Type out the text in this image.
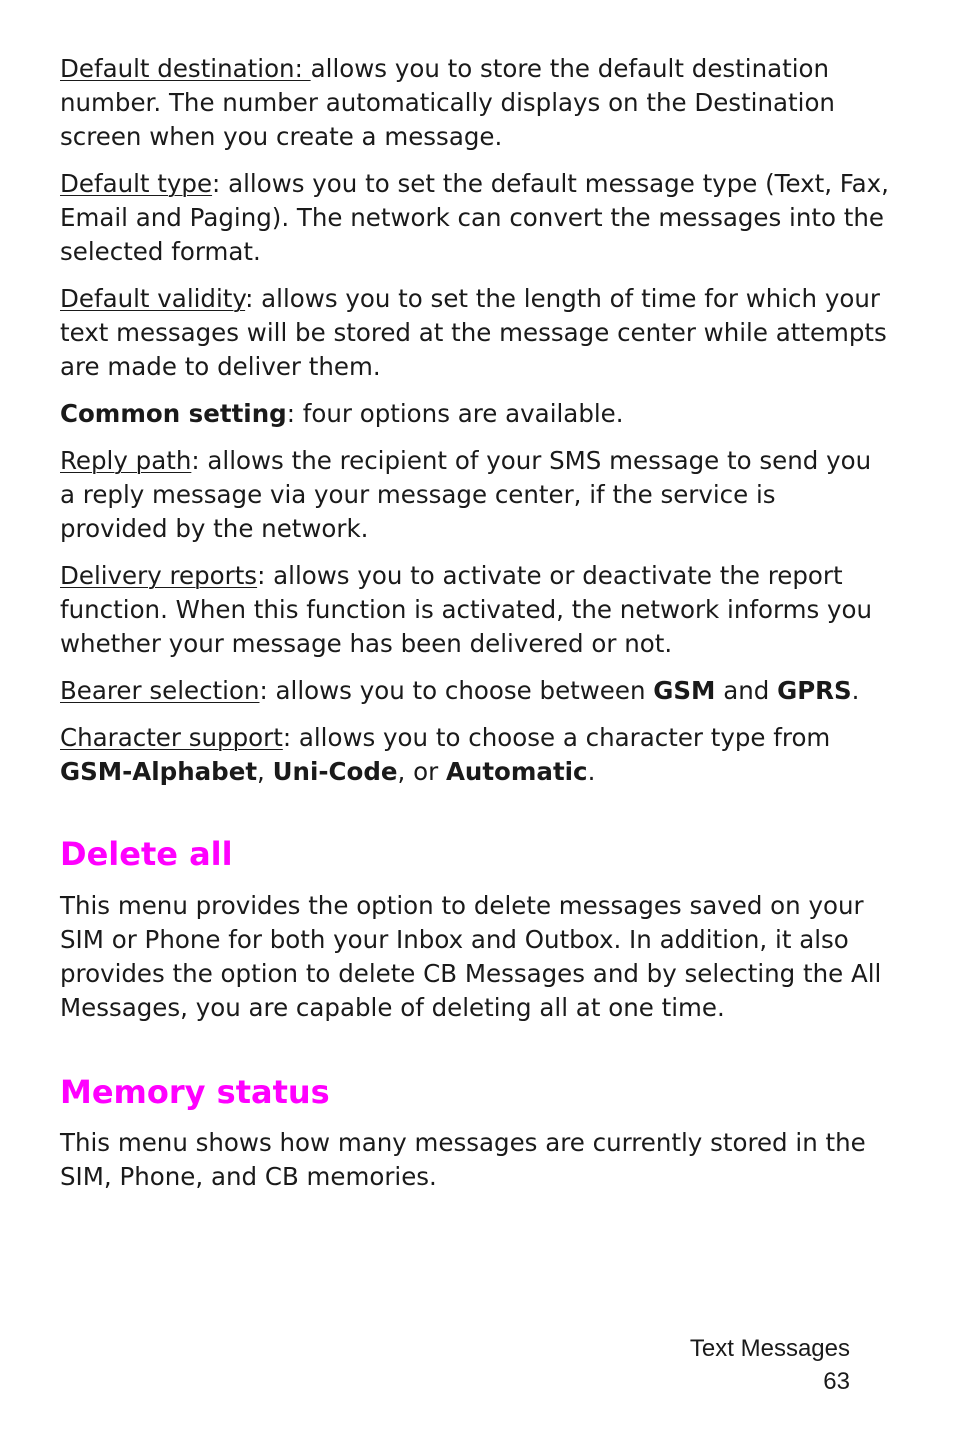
Default destination: allows you to store the default destination number. The number automatically displays on the Destination screen when you create a message.

Default type: allows you to set the default message type (Text, Fax, Email and Paging). The network can convert the messages into the selected format.

Default validity: allows you to set the length of time for which your text messages will be stored at the message center while attempts are made to deliver them.

Common setting: four options are available.

Reply path: allows the recipient of your SMS message to send you a reply message via your message center, if the service is provided by the network.

Delivery reports: allows you to activate or deactivate the report function. When this function is activated, the network informs you whether your message has been delivered or not.

Bearer selection: allows you to choose between GSM and GPRS.

Character support: allows you to choose a character type from GSM-Alphabet, Uni-Code, or Automatic.

Delete all

This menu provides the option to delete messages saved on your SIM or Phone for both your Inbox and Outbox. In addition, it also provides the option to delete CB Messages and by selecting the All Messages, you are capable of deleting all at one time.

Memory status

This menu shows how many messages are currently stored in the SIM, Phone, and CB memories.

Text Messages
63
